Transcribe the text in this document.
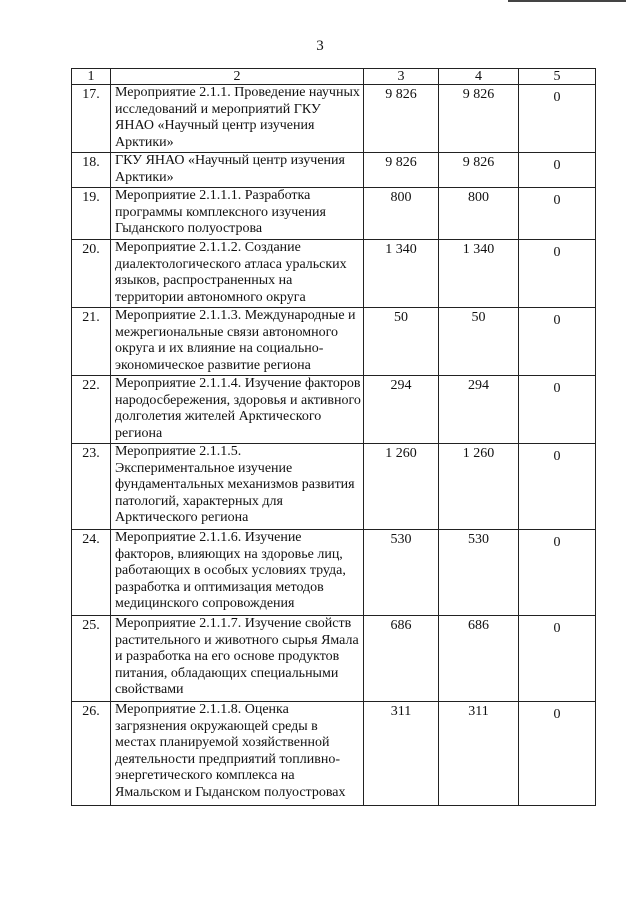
3
1	2	3	4	5
17.	Мероприятие 2.1.1. Проведение научных исследований и мероприятий ГКУ ЯНАО «Научный центр изучения Арктики»	9 826	9 826	0
18.	ГКУ ЯНАО «Научный центр изучения Арктики»	9 826	9 826	0
19.	Мероприятие 2.1.1.1. Разработка программы комплексного изучения Гыданского полуострова	800	800	0
20.	Мероприятие 2.1.1.2. Создание диалектологического атласа уральских языков, распространенных на территории автономного округа	1 340	1 340	0
21.	Мероприятие 2.1.1.3. Международные и межрегиональные связи автономного округа и их влияние на социально-экономическое развитие региона	50	50	0
22.	Мероприятие 2.1.1.4. Изучение факторов народосбережения, здоровья и активного долголетия жителей Арктического региона	294	294	0
23.	Мероприятие 2.1.1.5. Экспериментальное изучение фундаментальных механизмов развития патологий, характерных для Арктического региона	1 260	1 260	0
24.	Мероприятие 2.1.1.6. Изучение факторов, влияющих на здоровье лиц, работающих в особых условиях труда, разработка и оптимизация методов медицинского сопровождения	530	530	0
25.	Мероприятие 2.1.1.7. Изучение свойств растительного и животного сырья Ямала и разработка на его основе продуктов питания, обладающих специальными свойствами	686	686	0
26.	Мероприятие 2.1.1.8. Оценка загрязнения окружающей среды в местах планируемой хозяйственной деятельности предприятий топливно-энергетического комплекса на Ямальском и Гыданском полуостровах	311	311	0
